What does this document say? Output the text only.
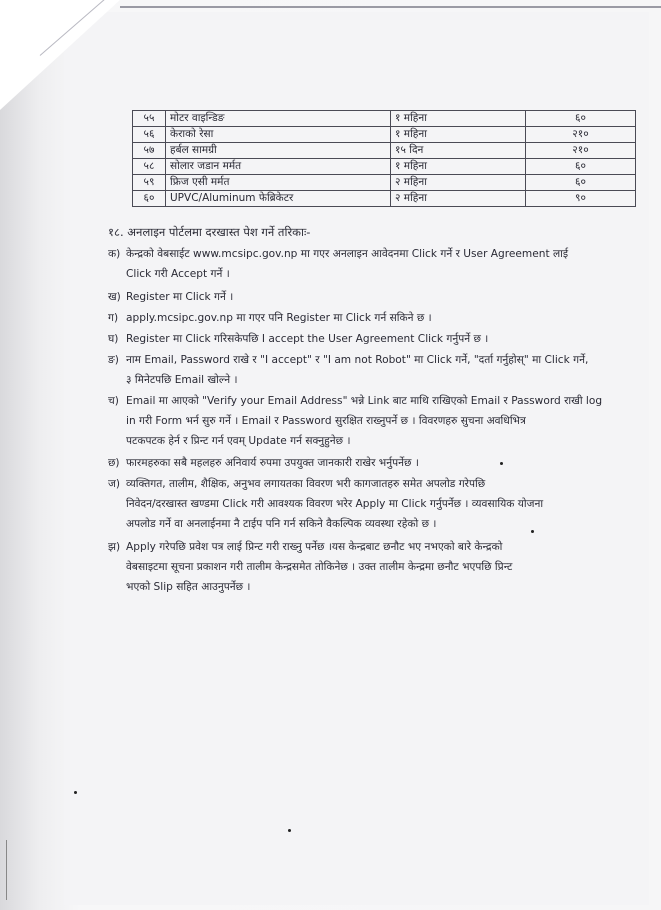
५५	मोटर वाइन्डिङ	१ महिना	६०
५६	केराको रेसा	१ महिना	२१०
५७	हर्बल सामग्री	१५ दिन	२१०
५८	सोलार जडान मर्मत	१ महिना	६०
५९	फ्रिज एसी मर्मत	२ महिना	६०
६०	UPVC/Aluminum फेब्रिकेटर	२ महिना	९०
१८. अनलाइन पोर्टलमा दरखास्त पेश गर्ने तरिकाः-
क) केन्द्रको वेबसाईट www.mcsipc.gov.np मा गएर अनलाइन आवेदनमा Click गर्ने र User Agreement लाई
Click गरी Accept गर्ने ।
ख) Register मा Click गर्ने ।
ग) apply.mcsipc.gov.np मा गएर पनि Register मा Click गर्न सकिने छ ।
घ) Register मा Click गरिसकेपछि I accept the User Agreement Click गर्नुपर्ने छ ।
ङ) नाम Email, Password राखे र "I accept" र "I am not Robot" मा Click गर्ने, "दर्ता गर्नुहोस्" मा Click गर्ने,
३ मिनेटपछि Email खोल्ने ।
च) Email मा आएको "Verify your Email Address" भन्ने Link बाट माथि राखिएको Email र Password राखी log
in गरी Form भर्न सुरु गर्ने । Email र Password सुरक्षित राख्नुपर्ने छ । विवरणहरु सुचना अवधिभित्र
पटकपटक हेर्न र प्रिन्ट गर्न एवम् Update गर्न सक्नुहुनेछ ।
छ) फारमहरुका सबै महलहरु अनिवार्य रुपमा उपयुक्त जानकारी राखेर भर्नुपर्नेछ ।
ज) व्यक्तिगत, तालीम, शैक्षिक, अनुभव लगायतका विवरण भरी कागजातहरु समेत अपलोड गरेपछि
निवेदन/दरखास्त खण्डमा Click गरी आवश्यक विवरण भरेर Apply मा Click गर्नुपर्नेछ । व्यवसायिक योजना
अपलोड गर्ने वा अनलाईनमा नै टाईप पनि गर्न सकिने वैकल्पिक व्यवस्था रहेको छ ।
झ) Apply गरेपछि प्रवेश पत्र लाई प्रिन्ट गरी राख्नु पर्नेछ ।यस केन्द्रबाट छनौट भए नभएको बारे केन्द्रको
वेबसाइटमा सूचना प्रकाशन गरी तालीम केन्द्रसमेत तोकिनेछ । उक्त तालीम केन्द्रमा छनौट भएपछि प्रिन्ट
भएको Slip सहित आउनुपर्नेछ ।
